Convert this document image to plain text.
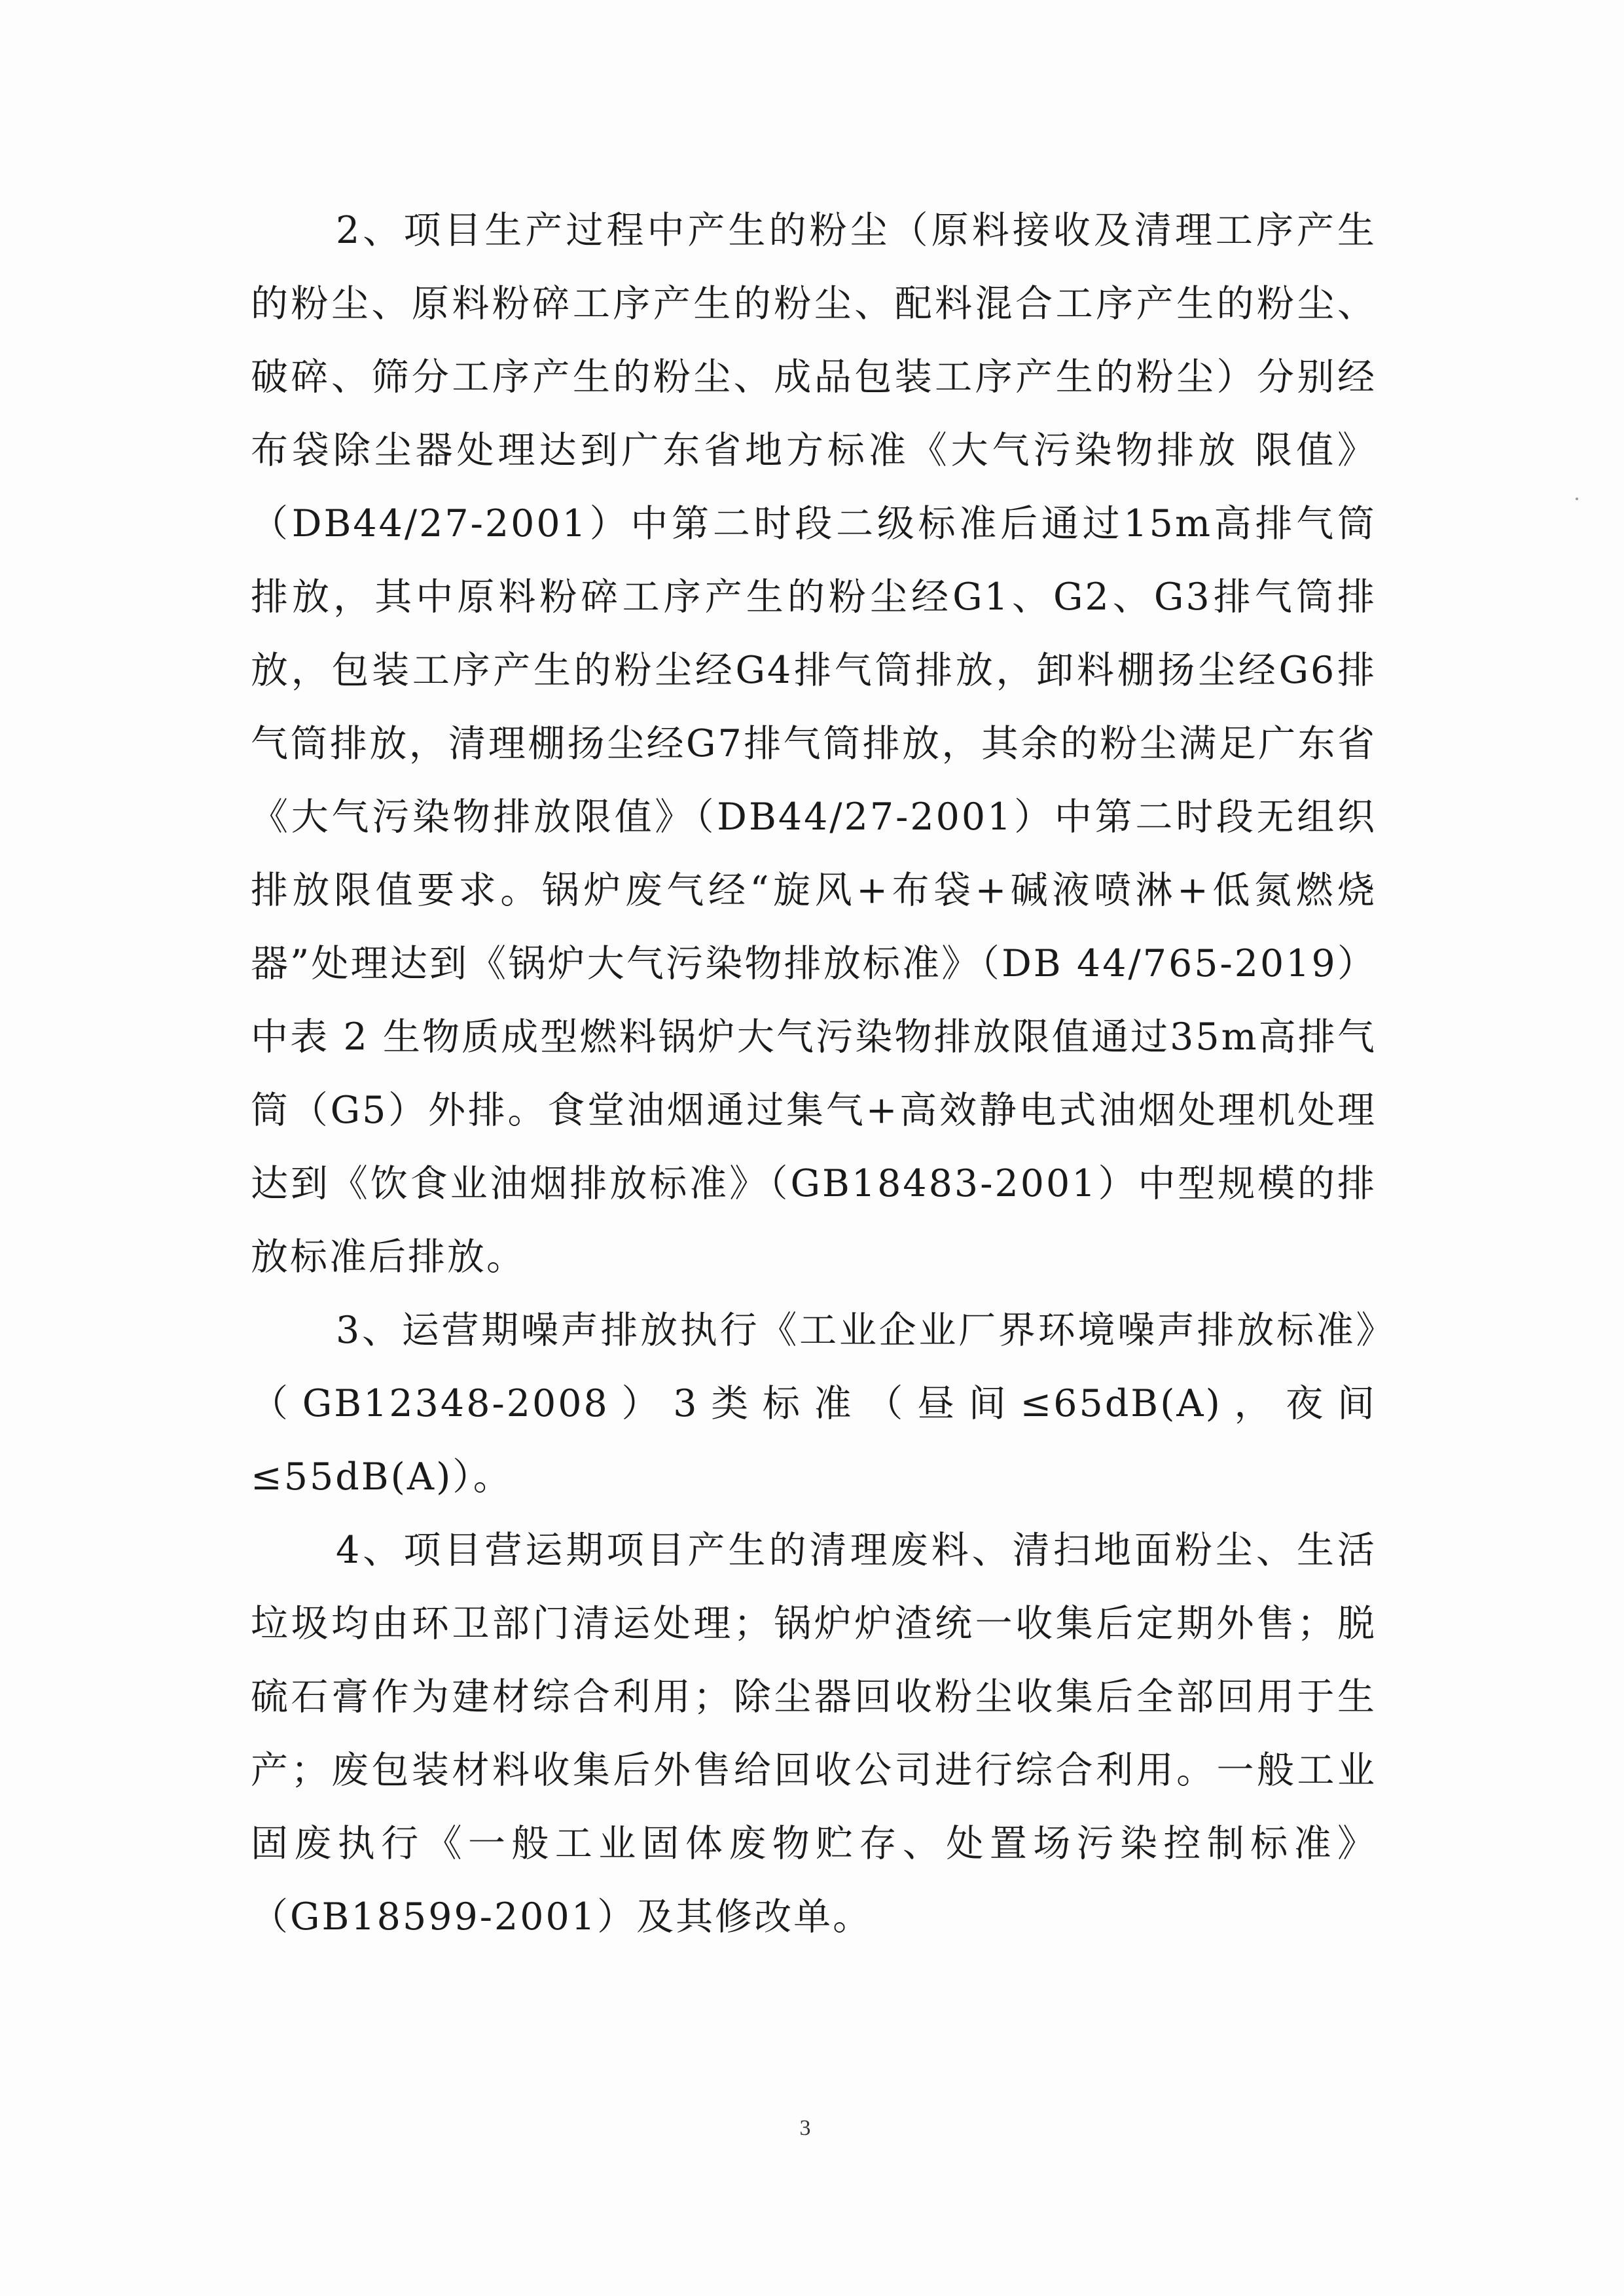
2、项目生产过程中产生的粉尘（原料接收及清理工序产生的粉尘、原料粉碎工序产生的粉尘、配料混合工序产生的粉尘、破碎、筛分工序产生的粉尘、成品包装工序产生的粉尘）分别经布袋除尘器处理达到广东省地方标准《大气污染物排放 限值》（DB44/27-2001）中第二时段二级标准后通过15m高排气筒排放，其中原料粉碎工序产生的粉尘经G1、G2、G3排气筒排放，包装工序产生的粉尘经G4排气筒排放，卸料棚扬尘经G6排气筒排放，清理棚扬尘经G7排气筒排放，其余的粉尘满足广东省《大气污染物排放限值》（DB44/27-2001）中第二时段无组织排放限值要求。锅炉废气经“旋风+布袋+碱液喷淋+低氮燃烧器”处理达到《锅炉大气污染物排放标准》（DB 44/765-2019）中表 2 生物质成型燃料锅炉大气污染物排放限值通过35m高排气筒（G5）外排。食堂油烟通过集气+高效静电式油烟处理机处理达到《饮食业油烟排放标准》（GB18483-2001）中型规模的排放标准后排放。

3、运营期噪声排放执行《工业企业厂界环境噪声排放标准》（GB12348-2008）3类标准（昼间≤65dB(A)，夜间≤55dB(A)）。

4、项目营运期项目产生的清理废料、清扫地面粉尘、生活垃圾均由环卫部门清运处理；锅炉炉渣统一收集后定期外售；脱硫石膏作为建材综合利用；除尘器回收粉尘收集后全部回用于生产；废包装材料收集后外售给回收公司进行综合利用。一般工业固废执行《一般工业固体废物贮存、处置场污染控制标准》（GB18599-2001）及其修改单。

3
